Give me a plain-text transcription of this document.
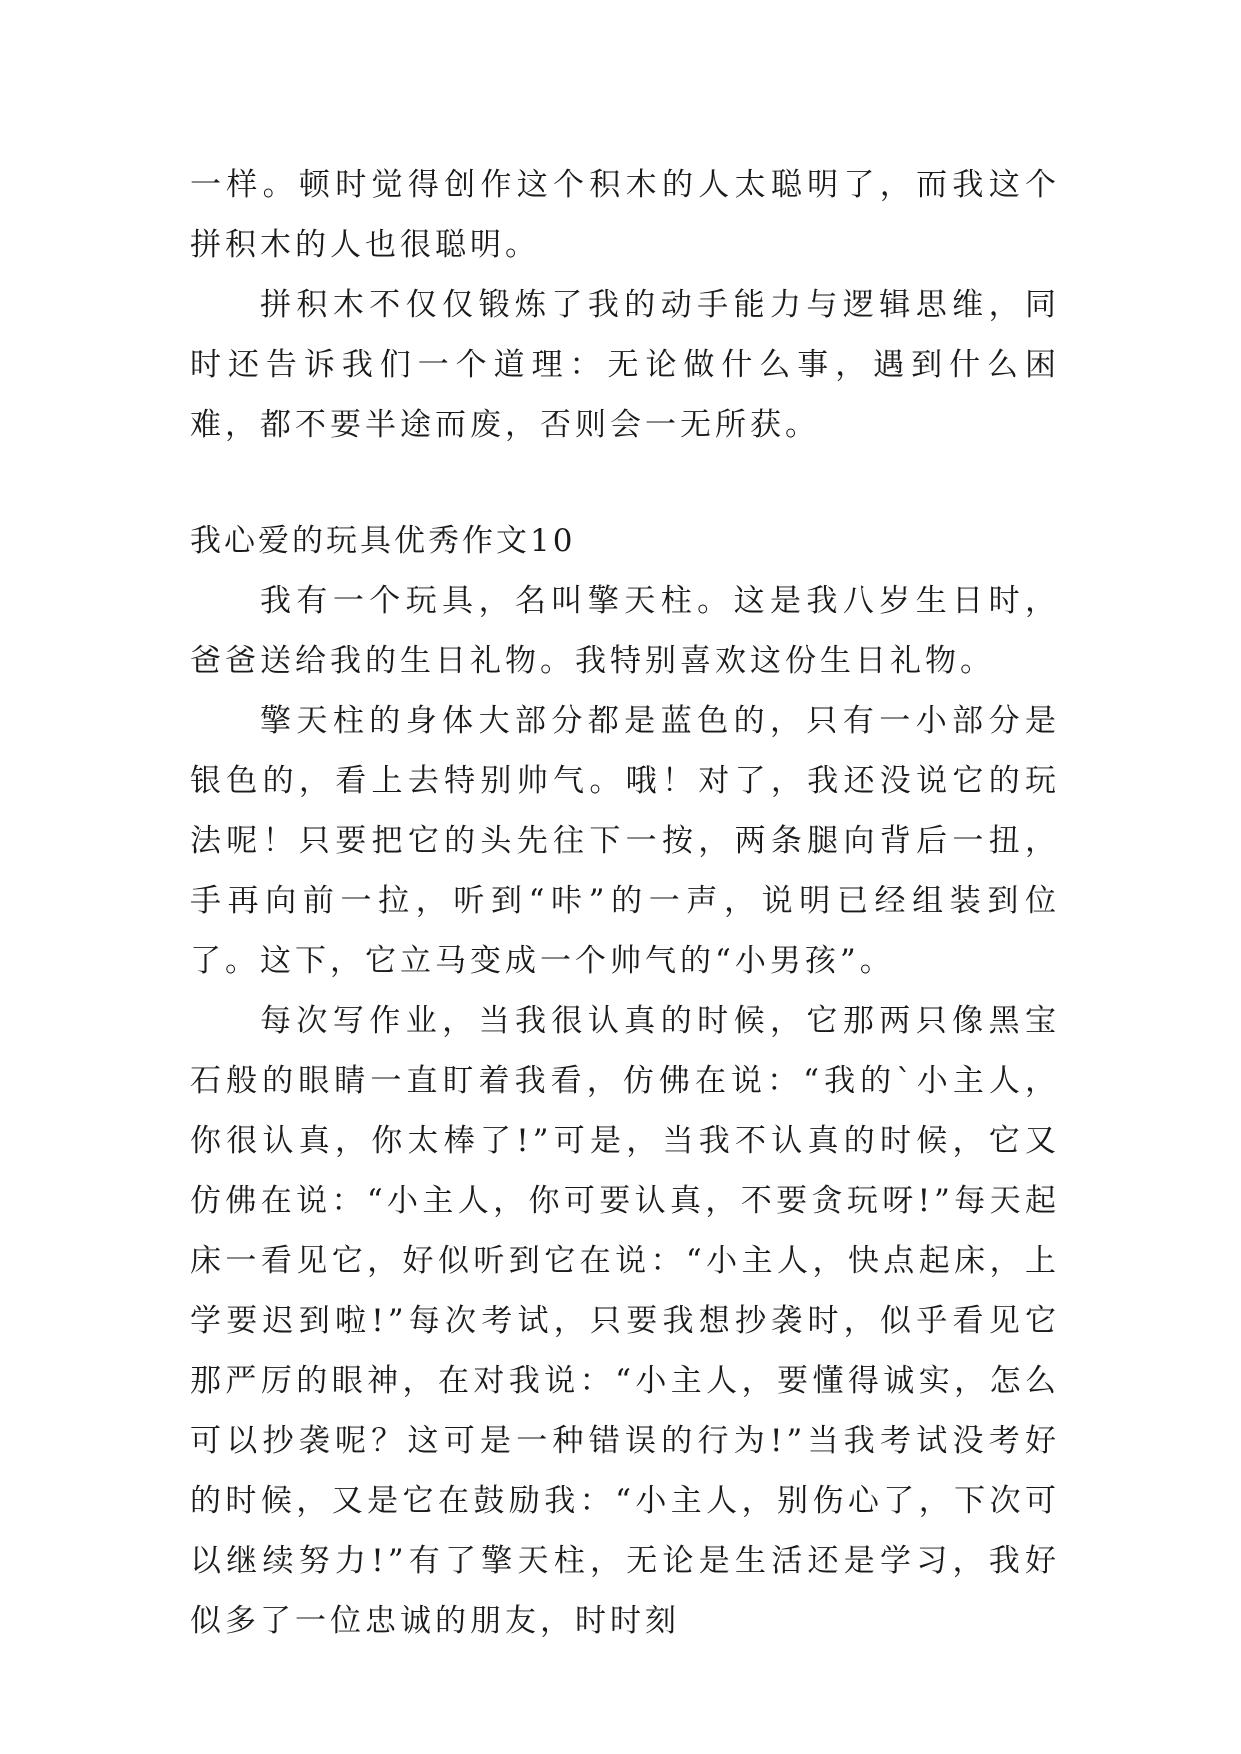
一样。顿时觉得创作这个积木的人太聪明了，而我这个拼积木的人也很聪明。

拼积木不仅仅锻炼了我的动手能力与逻辑思维，同时还告诉我们一个道理：无论做什么事，遇到什么困难，都不要半途而废，否则会一无所获。

我心爱的玩具优秀作文10

我有一个玩具，名叫擎天柱。这是我八岁生日时，爸爸送给我的生日礼物。我特别喜欢这份生日礼物。

擎天柱的身体大部分都是蓝色的，只有一小部分是银色的，看上去特别帅气。哦！对了，我还没说它的玩法呢！只要把它的头先往下一按，两条腿向背后一扭，手再向前一拉，听到“咔”的一声，说明已经组装到位了。这下，它立马变成一个帅气的“小男孩”。

每次写作业，当我很认真的时候，它那两只像黑宝石般的眼睛一直盯着我看，仿佛在说：“我的`小主人，你很认真，你太棒了!”可是，当我不认真的时候，它又仿佛在说：“小主人，你可要认真，不要贪玩呀!”每天起床一看见它，好似听到它在说：“小主人，快点起床，上学要迟到啦!”每次考试，只要我想抄袭时，似乎看见它那严厉的眼神，在对我说：“小主人，要懂得诚实，怎么可以抄袭呢？这可是一种错误的行为!”当我考试没考好的时候，又是它在鼓励我：“小主人，别伤心了，下次可以继续努力!”有了擎天柱，无论是生活还是学习，我好似多了一位忠诚的朋友，时时刻
